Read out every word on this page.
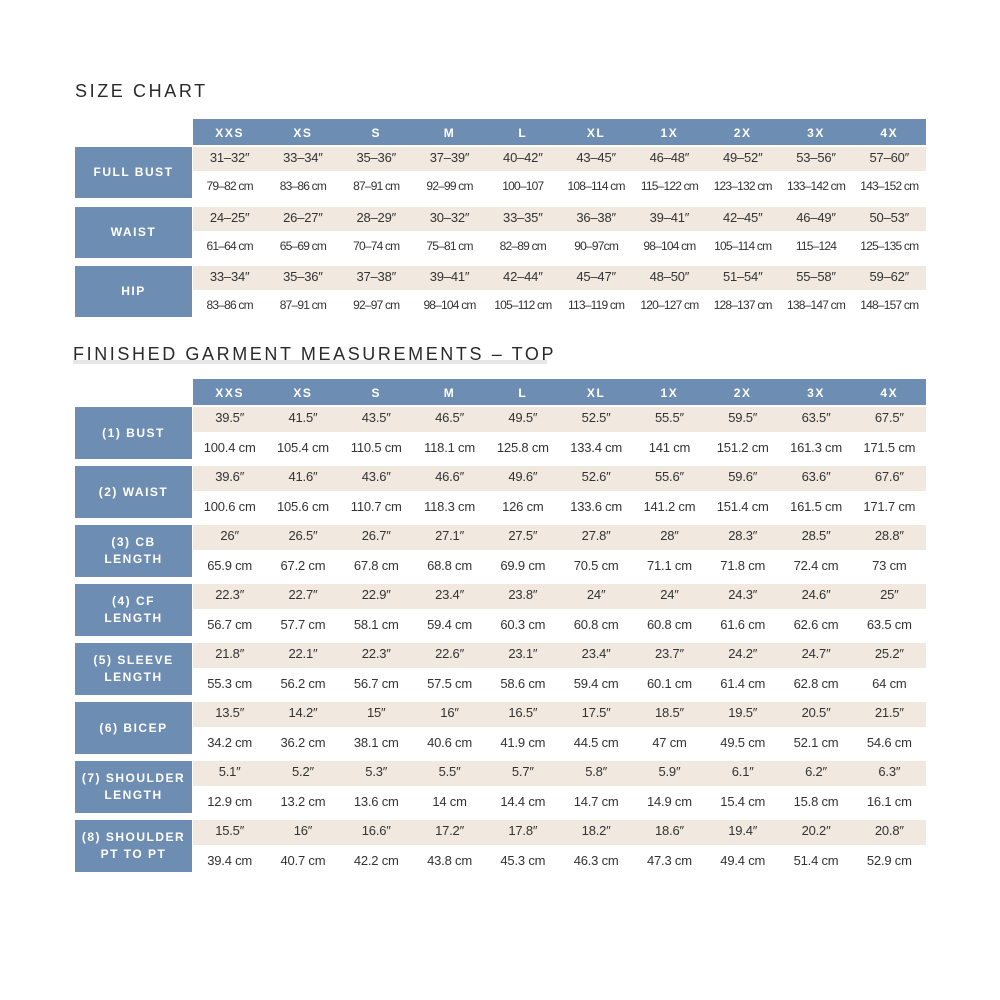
SIZE CHART
XXS	XS	S	M	L	XL	1X	2X	3X	4X
FULL BUST
31–32″	33–34″	35–36″	37–39″	40–42″	43–45″	46–48″	49–52″	53–56″	57–60″
79–82 cm	83–86 cm	87–91 cm	92–99 cm	100–107	108–114 cm	115–122 cm	123–132 cm	133–142 cm	143–152 cm
WAIST
24–25″	26–27″	28–29″	30–32″	33–35″	36–38″	39–41″	42–45″	46–49″	50–53″
61–64 cm	65–69 cm	70–74 cm	75–81 cm	82–89 cm	90–97cm	98–104 cm	105–114 cm	115–124	125–135 cm
HIP
33–34″	35–36″	37–38″	39–41″	42–44″	45–47″	48–50″	51–54″	55–58″	59–62″
83–86 cm	87–91 cm	92–97 cm	98–104 cm	105–112 cm	113–119 cm	120–127 cm	128–137 cm	138–147 cm	148–157 cm
FINISHED GARMENT MEASUREMENTS – TOP
XXS	XS	S	M	L	XL	1X	2X	3X	4X
(1) BUST
39.5″	41.5″	43.5″	46.5″	49.5″	52.5″	55.5″	59.5″	63.5″	67.5″
100.4 cm	105.4 cm	110.5 cm	118.1 cm	125.8 cm	133.4 cm	141 cm	151.2 cm	161.3 cm	171.5 cm
(2) WAIST
39.6″	41.6″	43.6″	46.6″	49.6″	52.6″	55.6″	59.6″	63.6″	67.6″
100.6 cm	105.6 cm	110.7 cm	118.3 cm	126 cm	133.6 cm	141.2 cm	151.4 cm	161.5 cm	171.7 cm
(3) CB
LENGTH
26″	26.5″	26.7″	27.1″	27.5″	27.8″	28″	28.3″	28.5″	28.8″
65.9 cm	67.2 cm	67.8 cm	68.8 cm	69.9 cm	70.5 cm	71.1 cm	71.8 cm	72.4 cm	73 cm
(4) CF
LENGTH
22.3″	22.7″	22.9″	23.4″	23.8″	24″	24″	24.3″	24.6″	25″
56.7 cm	57.7 cm	58.1 cm	59.4 cm	60.3 cm	60.8 cm	60.8 cm	61.6 cm	62.6 cm	63.5 cm
(5) SLEEVE
LENGTH
21.8″	22.1″	22.3″	22.6″	23.1″	23.4″	23.7″	24.2″	24.7″	25.2″
55.3 cm	56.2 cm	56.7 cm	57.5 cm	58.6 cm	59.4 cm	60.1 cm	61.4 cm	62.8 cm	64 cm
(6) BICEP
13.5″	14.2″	15″	16″	16.5″	17.5″	18.5″	19.5″	20.5″	21.5″
34.2 cm	36.2 cm	38.1 cm	40.6 cm	41.9 cm	44.5 cm	47 cm	49.5 cm	52.1 cm	54.6 cm
(7) SHOULDER
LENGTH
5.1″	5.2″	5.3″	5.5″	5.7″	5.8″	5.9″	6.1″	6.2″	6.3″
12.9 cm	13.2 cm	13.6 cm	14 cm	14.4 cm	14.7 cm	14.9 cm	15.4 cm	15.8 cm	16.1 cm
(8) SHOULDER
PT TO PT
15.5″	16″	16.6″	17.2″	17.8″	18.2″	18.6″	19.4″	20.2″	20.8″
39.4 cm	40.7 cm	42.2 cm	43.8 cm	45.3 cm	46.3 cm	47.3 cm	49.4 cm	51.4 cm	52.9 cm
